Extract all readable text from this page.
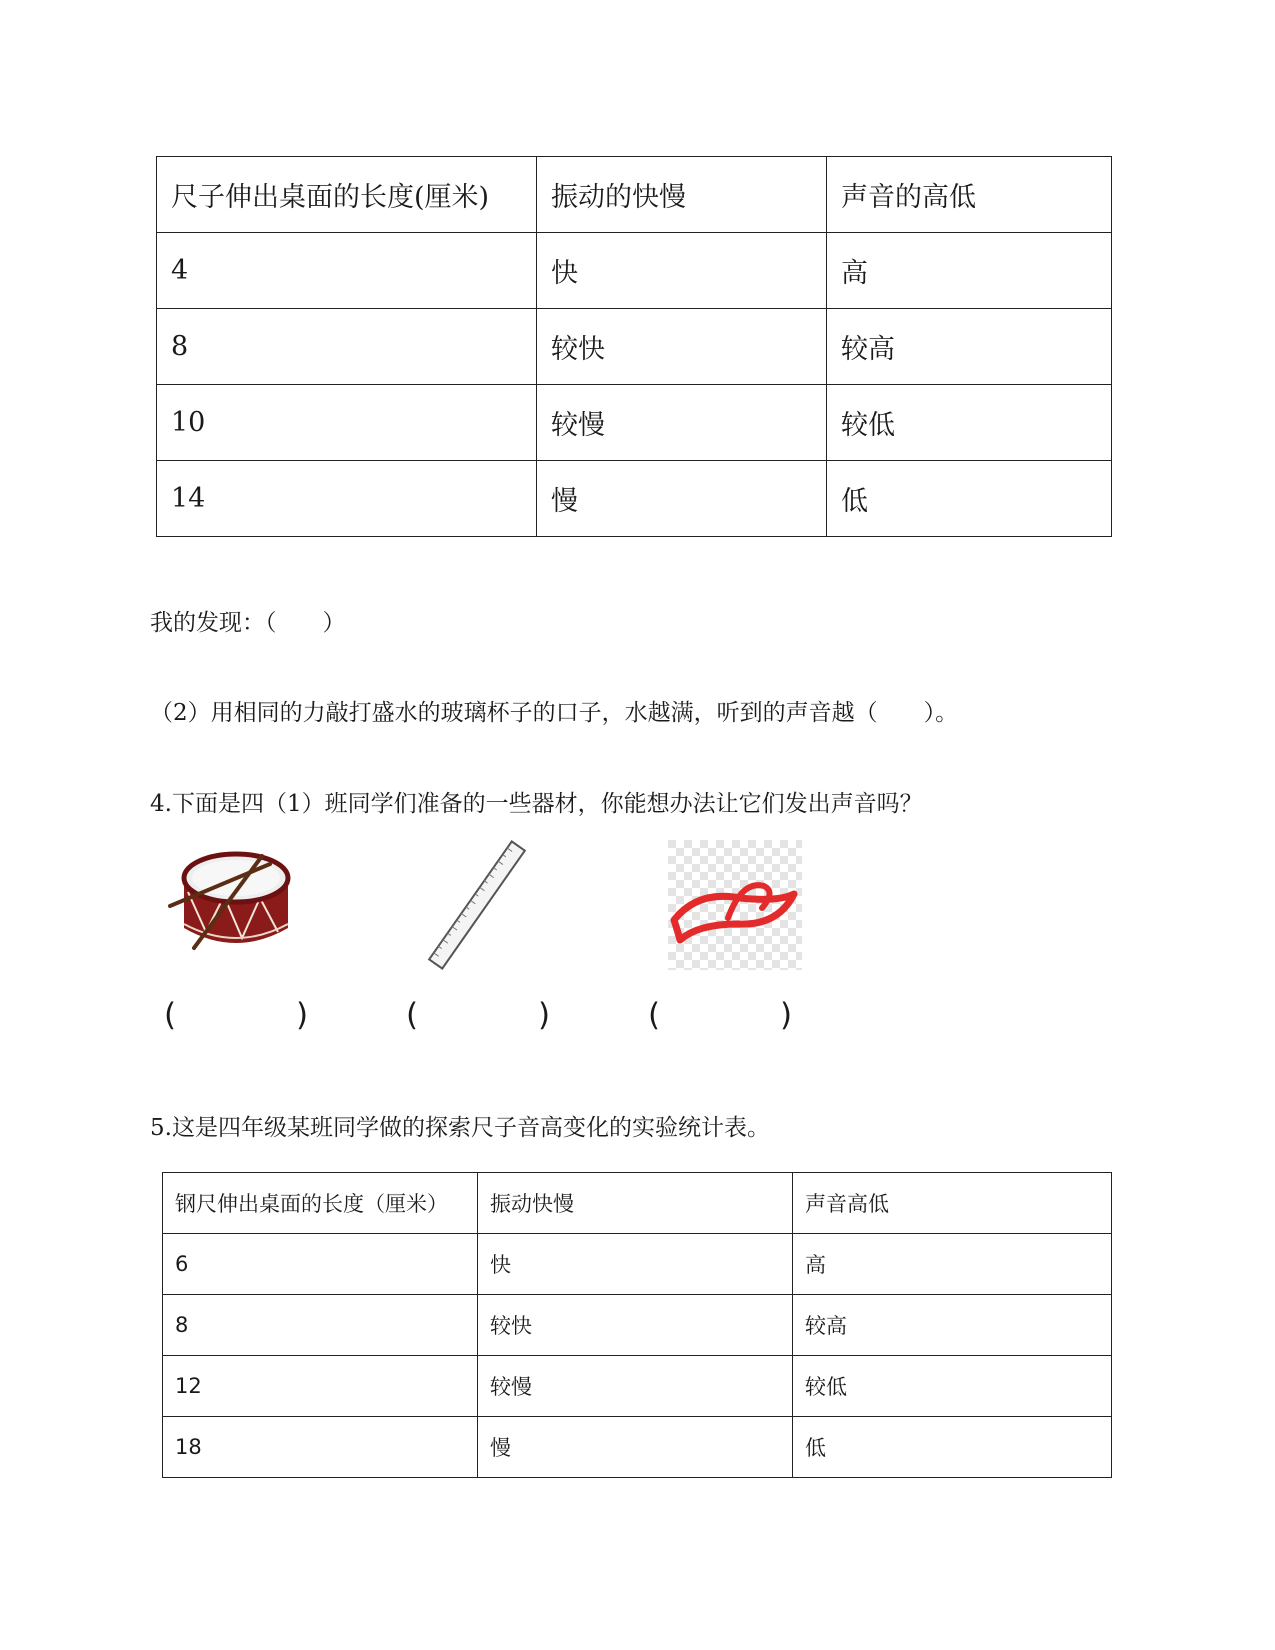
尺子伸出桌面的长度(厘米)	振动的快慢	声音的高低
4	快	高
8	较快	较高
10	较慢	较低
14	慢	低
我的发现：（　　）
（2）用相同的力敲打盛水的玻璃杯子的口子，水越满，听到的声音越（　　）。
4.下面是四（1）班同学们准备的一些器材，你能想办法让它们发出声音吗？
(	)	(	)	(	)
5.这是四年级某班同学做的探索尺子音高变化的实验统计表。
钢尺伸出桌面的长度（厘米）	振动快慢	声音高低
6	快	高
8	较快	较高
12	较慢	较低
18	慢	低
